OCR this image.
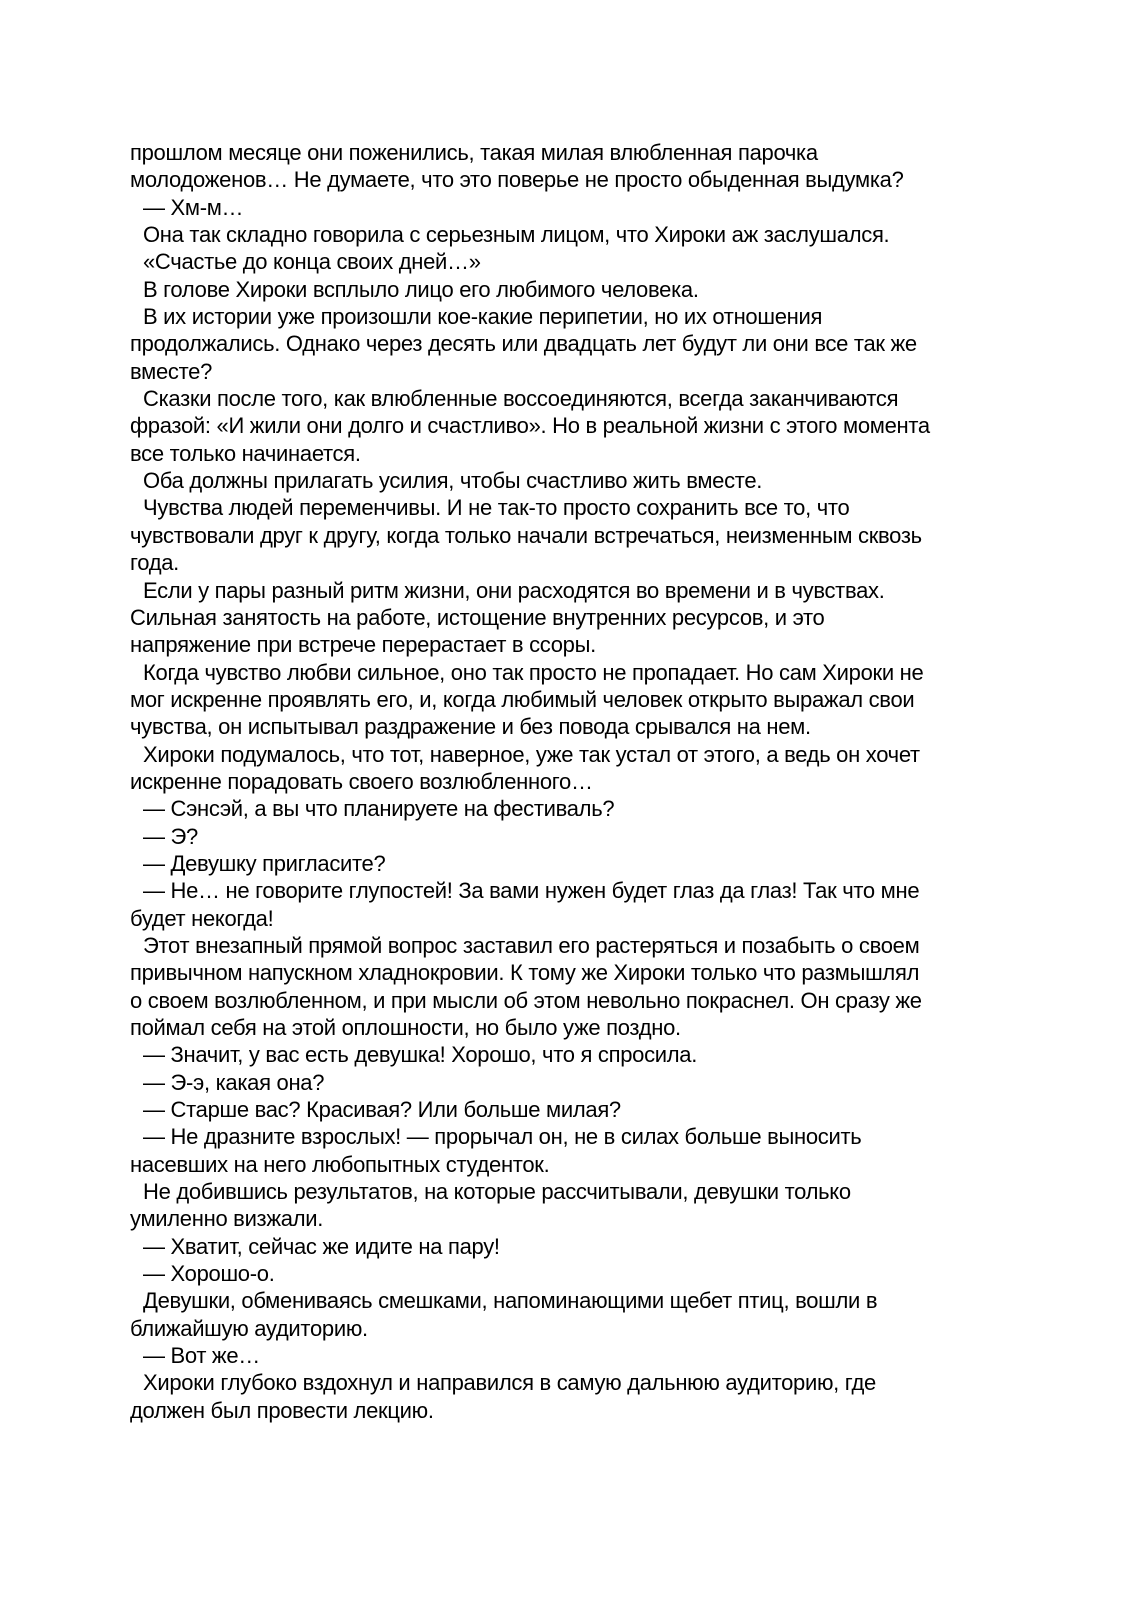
прошлом месяце они поженились, такая милая влюбленная парочка
молодоженов… Не думаете, что это поверье не просто обыденная выдумка?
— Хм-м…
Она так складно говорила с серьезным лицом, что Хироки аж заслушался.
«Счастье до конца своих дней…»
В голове Хироки всплыло лицо его любимого человека.
В их истории уже произошли кое-какие перипетии, но их отношения
продолжались. Однако через десять или двадцать лет будут ли они все так же
вместе?
Сказки после того, как влюбленные воссоединяются, всегда заканчиваются
фразой: «И жили они долго и счастливо». Но в реальной жизни с этого момента
все только начинается.
Оба должны прилагать усилия, чтобы счастливо жить вместе.
Чувства людей переменчивы. И не так-то просто сохранить все то, что
чувствовали друг к другу, когда только начали встречаться, неизменным сквозь
года.
Если у пары разный ритм жизни, они расходятся во времени и в чувствах.
Сильная занятость на работе, истощение внутренних ресурсов, и это
напряжение при встрече перерастает в ссоры.
Когда чувство любви сильное, оно так просто не пропадает. Но сам Хироки не
мог искренне проявлять его, и, когда любимый человек открыто выражал свои
чувства, он испытывал раздражение и без повода срывался на нем.
Хироки подумалось, что тот, наверное, уже так устал от этого, а ведь он хочет
искренне порадовать своего возлюбленного…
— Сэнсэй, а вы что планируете на фестиваль?
— Э?
— Девушку пригласите?
— Не… не говорите глупостей! За вами нужен будет глаз да глаз! Так что мне
будет некогда!
Этот внезапный прямой вопрос заставил его растеряться и позабыть о своем
привычном напускном хладнокровии. К тому же Хироки только что размышлял
о своем возлюбленном, и при мысли об этом невольно покраснел. Он сразу же
поймал себя на этой оплошности, но было уже поздно.
— Значит, у вас есть девушка! Хорошо, что я спросила.
— Э-э, какая она?
— Старше вас? Красивая? Или больше милая?
— Не дразните взрослых! — прорычал он, не в силах больше выносить
насевших на него любопытных студенток.
Не добившись результатов, на которые рассчитывали, девушки только
умиленно визжали.
— Хватит, сейчас же идите на пару!
— Хорошо-о.
Девушки, обмениваясь смешками, напоминающими щебет птиц, вошли в
ближайшую аудиторию.
— Вот же…
Хироки глубоко вздохнул и направился в самую дальнюю аудиторию, где
должен был провести лекцию.
